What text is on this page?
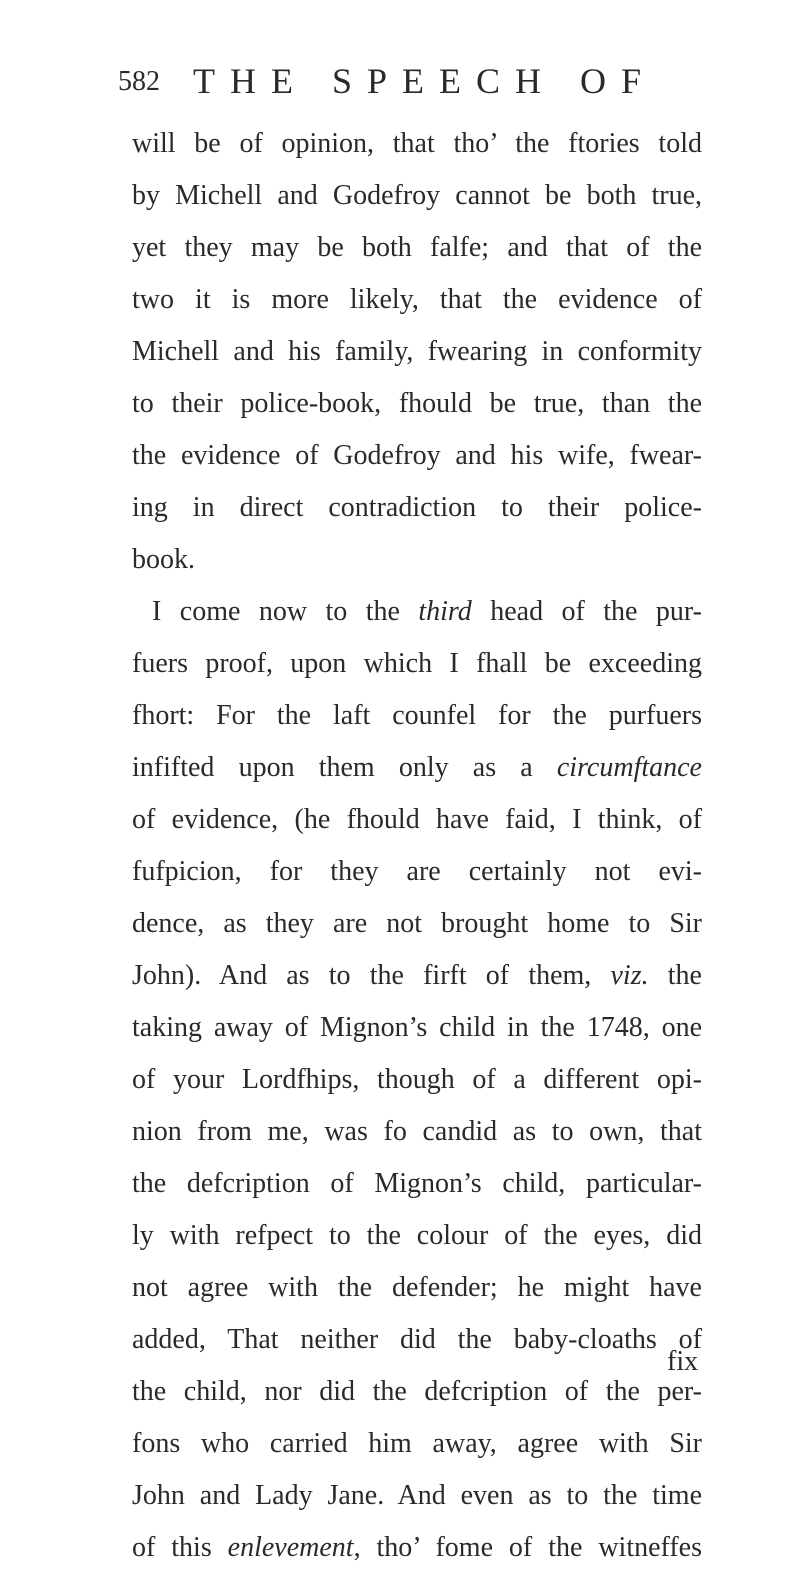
582 THE SPEECH OF
will be of opinion, that tho’ the ftories told
by Michell and Godefroy cannot be both true,
yet they may be both falfe; and that of the
two it is more likely, that the evidence of
Michell and his family, fwearing in conformity
to their police-book, fhould be true, than the
the evidence of Godefroy and his wife, fwear-
ing in direct contradiction to their police-
book.
I come now to the third head of the pur-
fuers proof, upon which I fhall be exceeding
fhort: For the laft counfel for the purfuers
infifted upon them only as a circumftance
of evidence, (he fhould have faid, I think, of
fufpicion, for they are certainly not evi-
dence, as they are not brought home to Sir
John). And as to the firft of them, viz. the
taking away of Mignon’s child in the 1748, one
of your Lordfhips, though of a different opi-
nion from me, was fo candid as to own, that
the defcription of Mignon’s child, particular-
ly with refpect to the colour of the eyes, did
not agree with the defender; he might have
added, That neither did the baby-cloaths of
the child, nor did the defcription of the per-
fons who carried him away, agree with Sir
John and Lady Jane. And even as to the time
of this enlevement, tho’ fome of the witneffes
fix
